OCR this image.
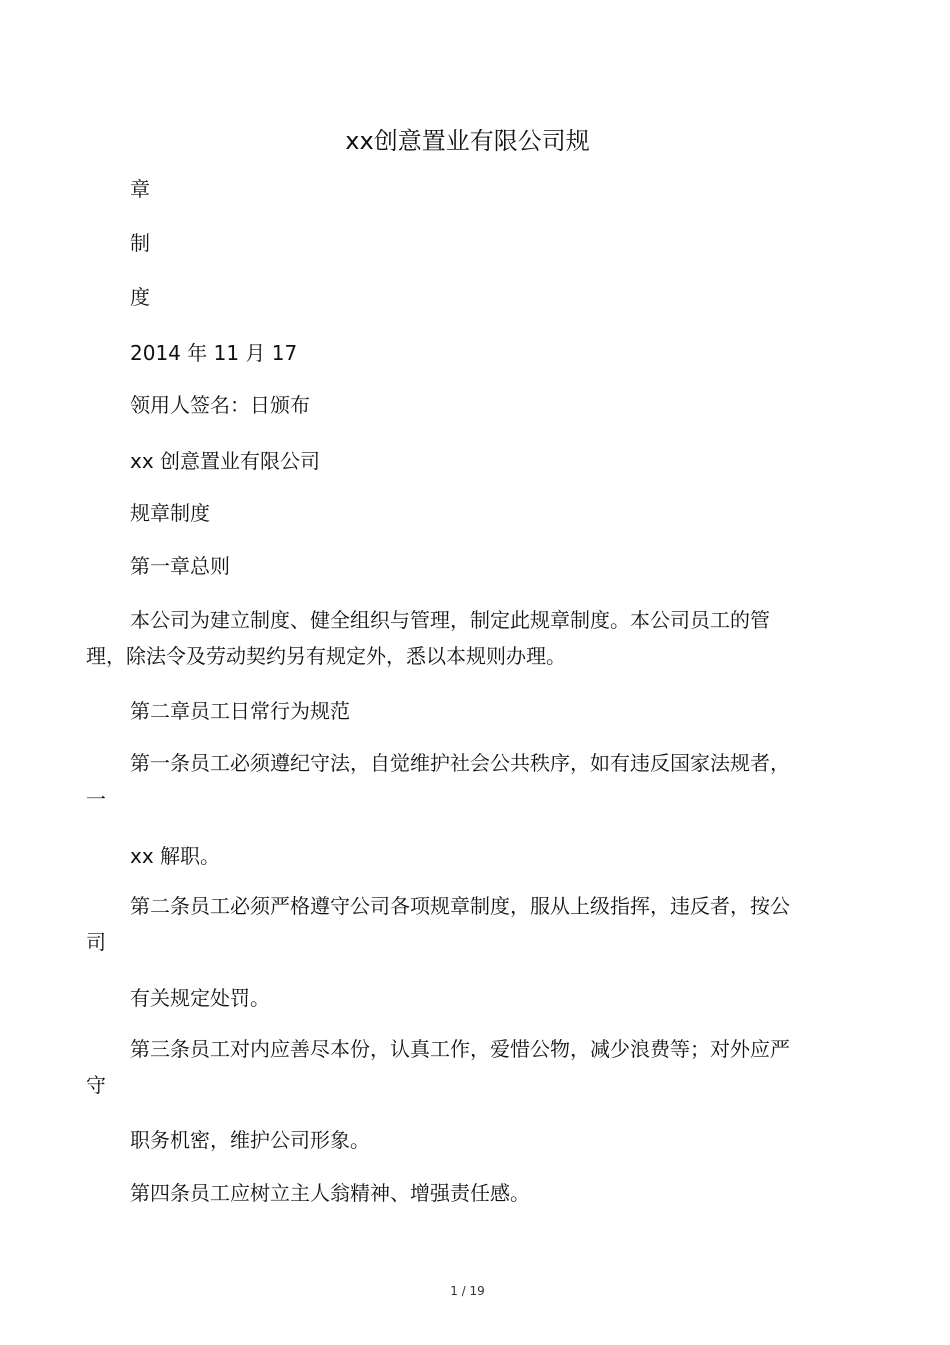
xx创意置业有限公司规
章
制
度
2014 年 11 月 17
领用人签名：日颁布
xx 创意置业有限公司
规章制度
第一章总则
本公司为建立制度、健全组织与管理，制定此规章制度。本公司员工的管理，除法令及劳动契约另有规定外，悉以本规则办理。
第二章员工日常行为规范
第一条员工必须遵纪守法，自觉维护社会公共秩序，如有违反国家法规者，一
xx 解职。
第二条员工必须严格遵守公司各项规章制度，服从上级指挥，违反者，按公司
有关规定处罚。
第三条员工对内应善尽本份，认真工作，爱惜公物，减少浪费等；对外应严守
职务机密，维护公司形象。
第四条员工应树立主人翁精神、增强责任感。
1 / 19
